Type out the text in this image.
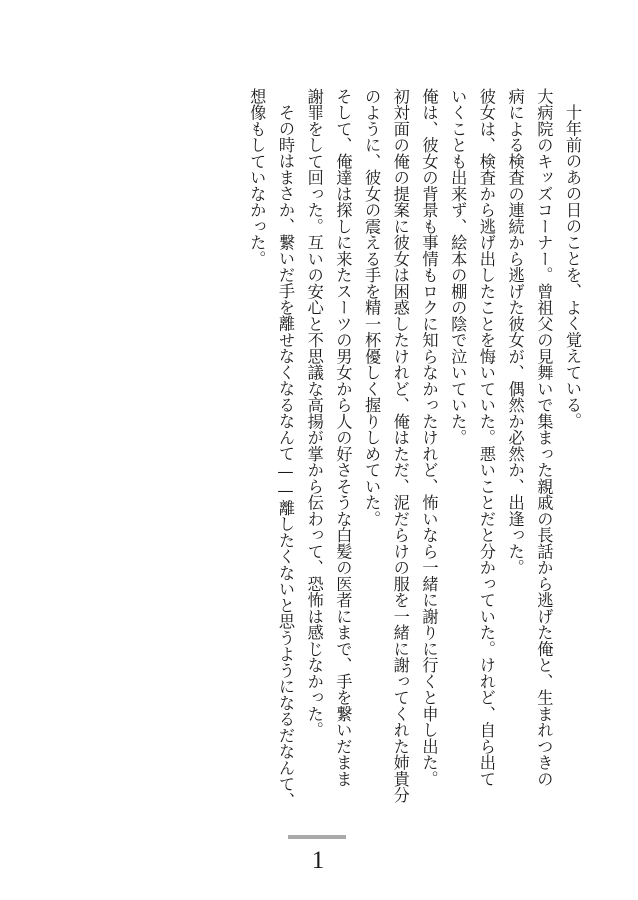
十年前のあの日のことを、よく覚えている。
大病院のキッズコーナー。曾祖父の見舞いで集まった親戚の長話から逃げた俺と、生まれつきの
病による検査の連続から逃げた彼女が、偶然か必然か、出逢った。
彼女は、検査から逃げ出したことを悔いていた。悪いことだと分かっていた。けれど、自ら出て
いくことも出来ず、絵本の棚の陰で泣いていた。
俺は、彼女の背景も事情もロクに知らなかったけれど、怖いなら一緒に謝りに行くと申し出た。
初対面の俺の提案に彼女は困惑したけれど、俺はただ、泥だらけの服を一緒に謝ってくれた姉貴分
のように、彼女の震える手を精一杯優しく握りしめていた。
そして、俺達は探しに来たスーツの男女から人の好さそうな白髪の医者にまで、手を繋いだまま
謝罪をして回った。互いの安心と不思議な高揚が掌から伝わって、恐怖は感じなかった。
その時はまさか、繋いだ手を離せなくなるなんて——離したくないと思うようになるだなんて、
想像もしていなかった。
1
